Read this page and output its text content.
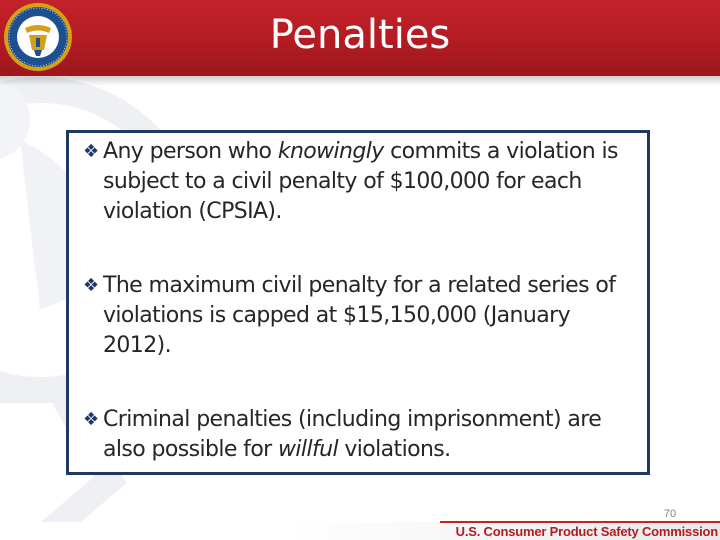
Penalties
❖ Any person who knowingly commits a violation is subject to a civil penalty of $100,000 for each violation (CPSIA).
❖ The maximum civil penalty for a related series of violations is capped at $15,150,000 (January 2012).
❖ Criminal penalties (including imprisonment) are also possible for willful violations.
70
U.S. Consumer Product Safety Commission
